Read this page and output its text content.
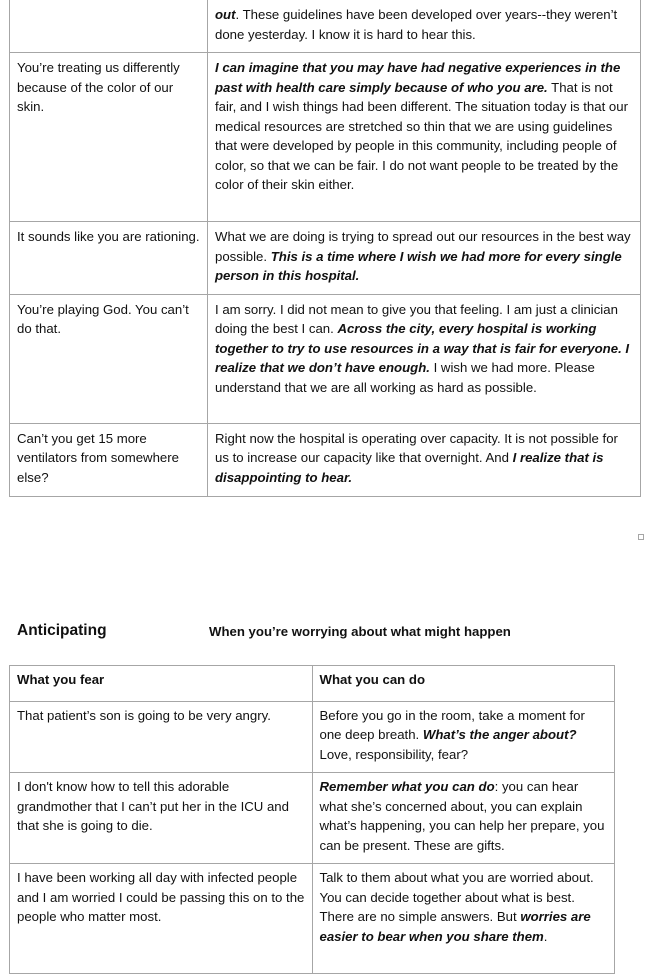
	out. These guidelines have been developed over years--they weren’t done yesterday. I know it is hard to hear this.
You’re treating us differently because of the color of our skin.	I can imagine that you may have had negative experiences in the past with health care simply because of who you are. That is not fair, and I wish things had been different. The situation today is that our medical resources are stretched so thin that we are using guidelines that were developed by people in this community, including people of color, so that we can be fair. I do not want people to be treated by the color of their skin either.
It sounds like you are rationing.	What we are doing is trying to spread out our resources in the best way possible. This is a time where I wish we had more for every single person in this hospital.
You’re playing God. You can’t do that.	I am sorry. I did not mean to give you that feeling. I am just a clinician doing the best I can. Across the city, every hospital is working together to try to use resources in a way that is fair for everyone. I realize that we don’t have enough. I wish we had more. Please understand that we are all working as hard as possible.
Can’t you get 15 more ventilators from somewhere else?	Right now the hospital is operating over capacity. It is not possible for us to increase our capacity like that overnight. And I realize that is disappointing to hear.
Anticipating	When you’re worrying about what might happen
What you fear	What you can do
That patient’s son is going to be very angry.	Before you go in the room, take a moment for one deep breath. What’s the anger about? Love, responsibility, fear?
I don't know how to tell this adorable grandmother that I can’t put her in the ICU and that she is going to die.	Remember what you can do: you can hear what she’s concerned about, you can explain what’s happening, you can help her prepare, you can be present. These are gifts.
I have been working all day with infected people and I am worried I could be passing this on to the people who matter most.	Talk to them about what you are worried about. You can decide together about what is best. There are no simple answers. But worries are easier to bear when you share them.
